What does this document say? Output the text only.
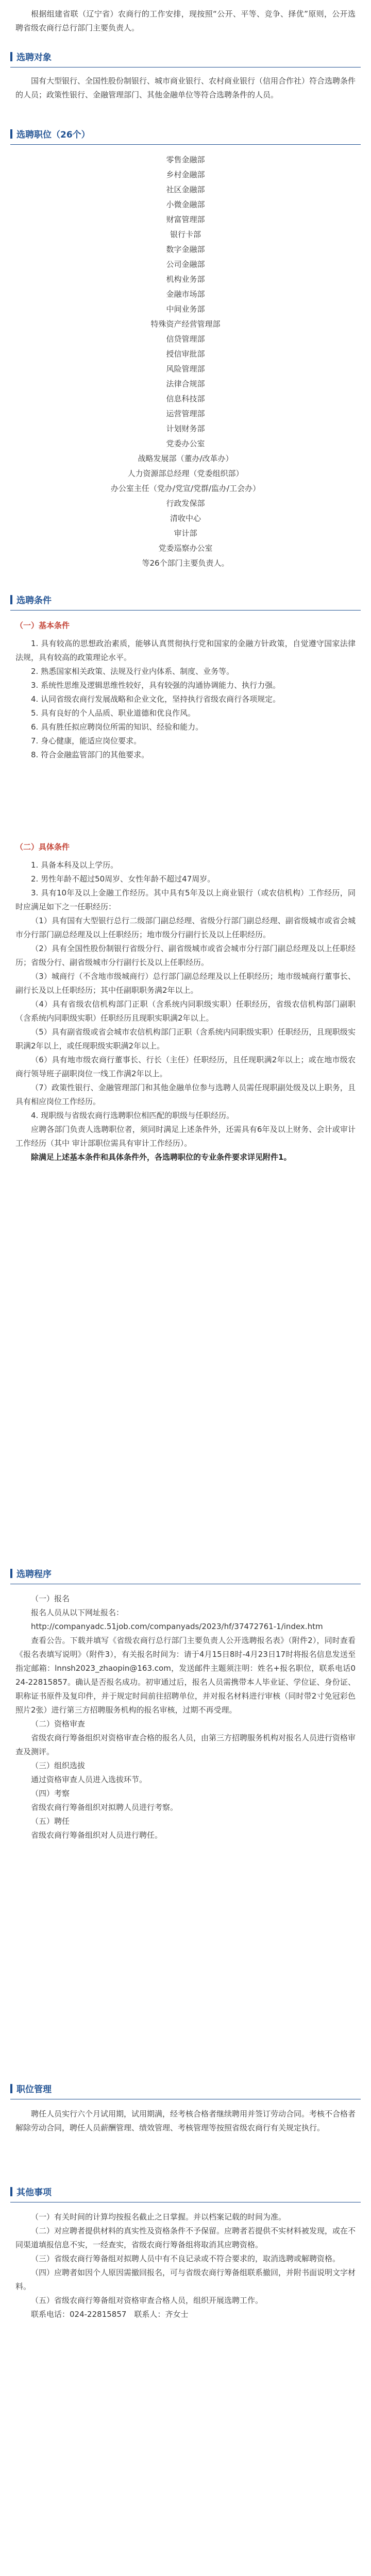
根据组建省联（辽宁省）农商行的工作安排，现按照“公开、平等、竞争、择优”原则，公开选聘省级农商行总行部门主要负责人。

选聘对象

国有大型银行、全国性股份制银行、城市商业银行、农村商业银行（信用合作社）符合选聘条件的人员；政策性银行、金融管理部门、其他金融单位等符合选聘条件的人员。

选聘职位（26个）

零售金融部

乡村金融部

社区金融部

小微金融部

财富管理部

银行卡部

数字金融部

公司金融部

机构业务部

金融市场部

中间业务部

特殊资产经营管理部

信贷管理部

授信审批部

风险管理部

法律合规部

信息科技部

运营管理部

计划财务部

党委办公室

战略发展部（董办/改革办）

人力资源部总经理（党委组织部）

办公室主任（党办/党宣/党群/监办/工会办）

行政发保部

清收中心

审计部

党委巡察办公室

等26个部门主要负责人。

选聘条件
（一）基本条件

1. 具有较高的思想政治素质，能够认真贯彻执行党和国家的金融方针政策，自觉遵守国家法律法规，具有较高的政策理论水平。

2. 熟悉国家相关政策、法规及行业内体系、制度、业务等。

3. 系统性思维及逻辑思维性较好，具有较强的沟通协调能力、执行力强。

4. 认同省级农商行发展战略和企业文化，坚持执行省级农商行各项规定。

5. 具有良好的个人品质、职业道德和优良作风。

6. 具有胜任拟应聘岗位所需的知识、经验和能力。

7. 身心健康，能适应岗位要求。

8. 符合金融监管部门的其他要求。

（二）具体条件

1. 具备本科及以上学历。

2. 男性年龄不超过50周岁、女性年龄不超过47周岁。

3. 具有10年及以上金融工作经历。其中具有5年及以上商业银行（或农信机构）工作经历，同时应满足如下之一任职经历：

（1）具有国有大型银行总行二级部门副总经理、省级分行部门副总经理、副省级城市或省会城市分行部门副总经理及以上任职经历；地市级分行副行长及以上任职经历。

（2）具有全国性股份制银行省级分行、副省级城市或省会城市分行部门副总经理及以上任职经历；省级分行、副省级城市分行副行长及以上任职经历。

（3）城商行（不含地市级城商行）总行部门副总经理及以上任职经历；地市级城商行董事长、副行长及以上任职经历；其中任副职职务满2年以上。

（4）具有省级农信机构部门正职（含系统内同职级实职）任职经历，省级农信机构部门副职（含系统内同职级实职）任职经历且现职实职满2年以上。

（5）具有副省级或省会城市农信机构部门正职（含系统内同职级实职）任职经历，且现职级实职满2年以上，或任现职级实职满2年以上。

（6）具有地市级农商行董事长、行长（主任）任职经历，且任现职满2年以上；或在地市级农商行领导班子副职岗位一线工作满2年以上。

（7）政策性银行、金融管理部门和其他金融单位参与选聘人员需任现职副处级及以上职务，且具有相应岗位工作经历。

4. 现职级与省级农商行选聘职位相匹配的职级与任职经历。

应聘各部门负责人选聘职位者，须同时满足上述条件外，还需具有6年及以上财务、会计或审计工作经历（其中 审计部职位需具有审计工作经历）。

除满足上述基本条件和具体条件外，各选聘职位的专业条件要求详见附件1。

选聘程序

（一）报名

报名人员从以下网址报名：

http://companyadc.51job.com/companyads/2023/hf/37472761-1/index.htm

查看公告。下载并填写《省级农商行总行部门主要负责人公开选聘报名表》（附件2），同时查看《报名表填写说明》（附件3），有关报名时间为：请于4月15日8时-4月23日17时将报名信息发送至指定邮箱：lnnsh2023_zhaopin@163.com，发送邮件主题须注明：姓名+报名职位，联系电话024-22815857。确认是否报名成功。初审通过后，报名人员需携带本人毕业证、学位证、身份证、职称证书原件及复印件，并于规定时间前往招聘单位，并对报名材料进行审核（同时带2寸免冠彩色照片2张）进行第三方招聘服务机构的报名审核，过期不再受理。

（二）资格审查

省级农商行筹备组织对资格审查合格的报名人员，由第三方招聘服务机构对报名人员进行资格审查及测评。

（三）组织选拔

通过资格审查人员进入选拔环节。

（四）考察

省级农商行筹备组织对拟聘人员进行考察。

（五）聘任

省级农商行筹备组织对人员进行聘任。

职位管理

聘任人员实行六个月试用期，试用期满，经考核合格者继续聘用并签订劳动合同。考核不合格者解除劳动合同，聘任人员薪酬管理、绩效管理、考核管理等按照省级农商行有关规定执行。

其他事项

（一）有关时间的计算均按报名截止之日掌握。并以档案记载的时间为准。

（二）对应聘者提供材料的真实性及资格条件不予保留。应聘者若提供不实材料被发现，或在不同渠道填报信息不实，一经查实，省级农商行筹备组将取消其应聘资格。

（三）省级农商行筹备组对拟聘人员中有不良记录或不符合要求的，取消选聘或解聘资格。

（四）应聘者如因个人原因需撤回报名，可与省级农商行筹备组联系撤回，并附书面说明文字材料。

（五）省级农商行筹备组对资格审查合格人员，组织开展选聘工作。

联系电话：024-22815857　 联系人：齐女士
